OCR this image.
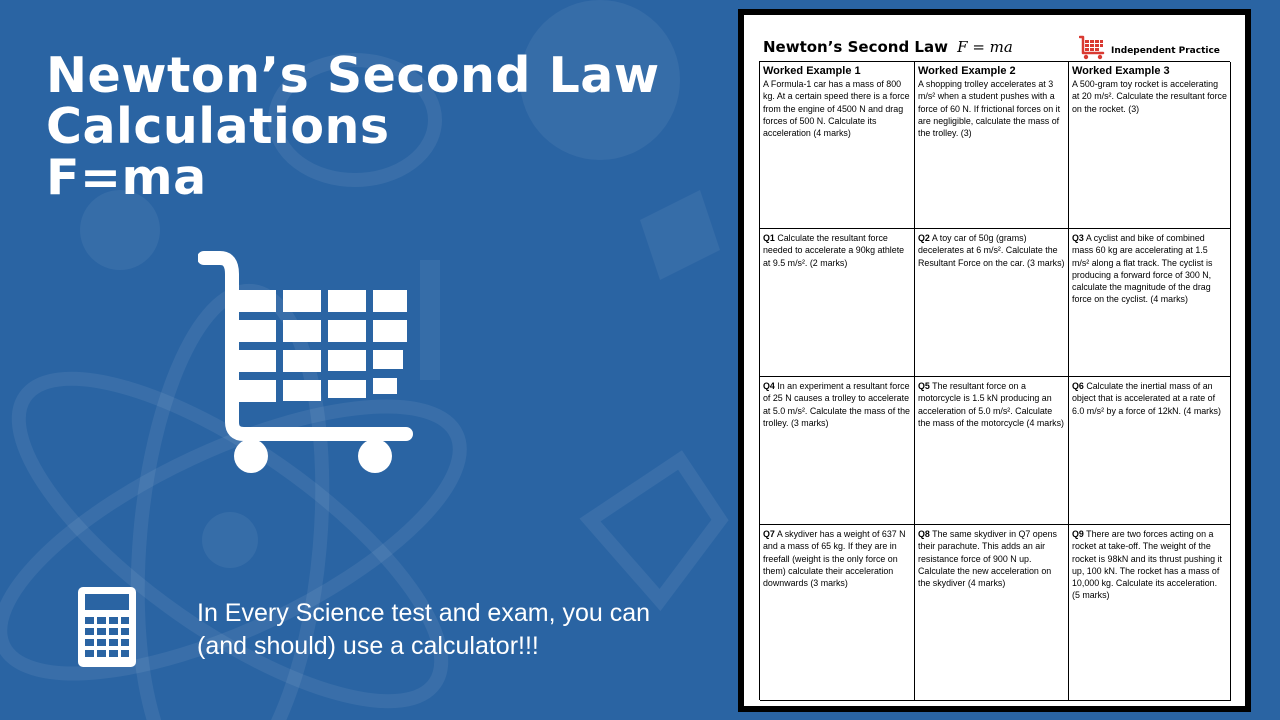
Newton’s Second Law
Calculations
F=ma

In Every Science test and exam, you can (and should) use a calculator!!!

Newton’s Second Law F = ma	Independent Practice
Worked Example 1
A Formula-1 car has a mass of 800 kg. At a certain speed there is a force from the engine of 4500 N and drag forces of 500 N. Calculate its acceleration (4 marks)
Worked Example 2
A shopping trolley accelerates at 3 m/s² when a student pushes with a force of 60 N. If frictional forces on it are negligible, calculate the mass of the trolley. (3)
Worked Example 3
A 500-gram toy rocket is accelerating at 20 m/s². Calculate the resultant force on the rocket. (3)
Q1 Calculate the resultant force needed to accelerate a 90kg athlete at 9.5 m/s². (2 marks)
Q2 A toy car of 50g (grams) decelerates at 6 m/s². Calculate the Resultant Force on the car. (3 marks)
Q3 A cyclist and bike of combined mass 60 kg are accelerating at 1.5 m/s² along a flat track. The cyclist is producing a forward force of 300 N, calculate the magnitude of the drag force on the cyclist. (4 marks)
Q4 In an experiment a resultant force of 25 N causes a trolley to accelerate at 5.0 m/s². Calculate the mass of the trolley. (3 marks)
Q5 The resultant force on a motorcycle is 1.5 kN producing an acceleration of 5.0 m/s². Calculate the mass of the motorcycle (4 marks)
Q6 Calculate the inertial mass of an object that is accelerated at a rate of 6.0 m/s² by a force of 12kN. (4 marks)
Q7 A skydiver has a weight of 637 N and a mass of 65 kg. If they are in freefall (weight is the only force on them) calculate their acceleration downwards (3 marks)
Q8 The same skydiver in Q7 opens their parachute. This adds an air resistance force of 900 N up. Calculate the new acceleration on the skydiver (4 marks)
Q9 There are two forces acting on a rocket at take-off. The weight of the rocket is 98kN and its thrust pushing it up, 100 kN. The rocket has a mass of 10,000 kg. Calculate its acceleration. (5 marks)
